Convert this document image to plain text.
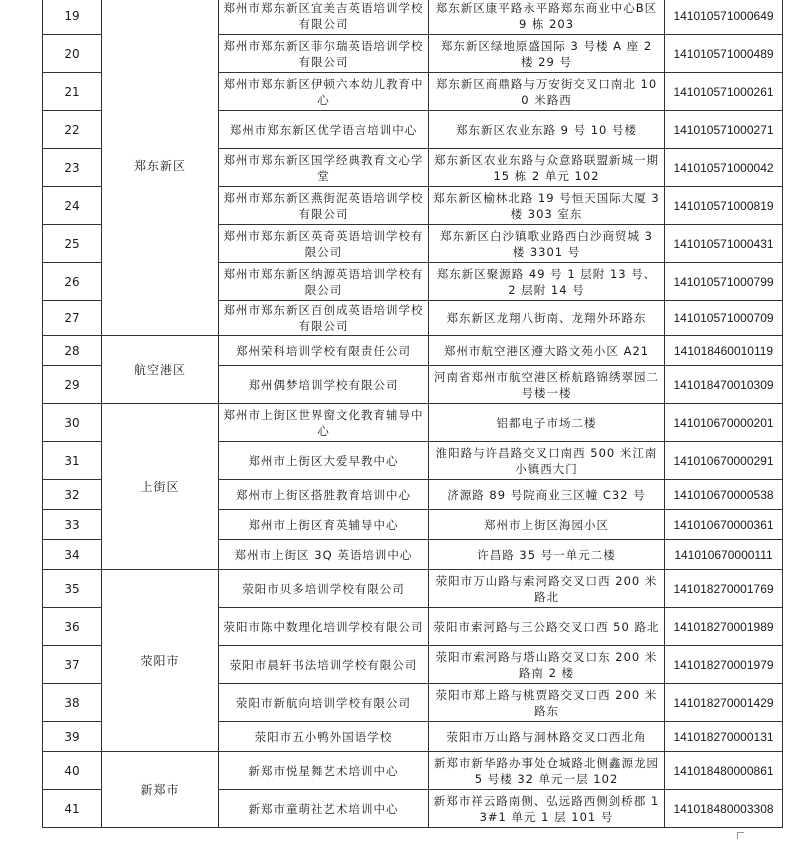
19	郑东新区	郑州市郑东新区宜美吉英语培训学校有限公司	郑东新区康平路永平路郑东商业中心B区 9 栋 203	141010571000649
20		郑州市郑东新区菲尔瑞英语培训学校有限公司	郑东新区绿地原盛国际 3 号楼 A 座 2 楼 29 号	141010571000489
21		郑州市郑东新区伊顿六本幼儿教育中心	郑东新区商鼎路与万安街交叉口南北 100 米路西	141010571000261
22		郑州市郑东新区优学语言培训中心	郑东新区农业东路 9 号 10 号楼	141010571000271
23		郑州市郑东新区国学经典教育文心学堂	郑东新区农业东路与众意路联盟新城一期 15 栋 2 单元 102	141010571000042
24		郑州市郑东新区燕街泥英语培训学校有限公司	郑东新区榆林北路 19 号恒天国际大厦 3 楼 303 室东	141010571000819
25		郑州市郑东新区英奇英语培训学校有限公司	郑东新区白沙镇歌业路西白沙商贸城 3 楼 3301 号	141010571000431
26		郑州市郑东新区纳源英语培训学校有限公司	郑东新区聚源路 49 号 1 层附 13 号、2 层附 14 号	141010571000799
27		郑州市郑东新区百创成英语培训学校有限公司	郑东新区龙翔八街南、龙翔外环路东	141010571000709
28	航空港区	郑州荣科培训学校有限责任公司	郑州市航空港区遵大路文苑小区 A21	141018460010119
29		郑州偶梦培训学校有限公司	河南省郑州市航空港区桥航路锦绣翠园二号楼一楼	141018470010309
30	上街区	郑州市上街区世界窗文化教育辅导中心	铝都电子市场二楼	141010670000201
31		郑州市上街区大爱早教中心	淮阳路与许昌路交叉口南西 500 米江南小镇西大门	141010670000291
32		郑州市上街区搭胜教育培训中心	济源路 89 号院商业三区幢 C32 号	141010670000538
33		郑州市上街区育英辅导中心	郑州市上街区海园小区	141010670000361
34		郑州市上街区 3Q 英语培训中心	许昌路 35 号一单元二楼	141010670000111
35	荥阳市	荥阳市贝多培训学校有限公司	荥阳市万山路与索河路交叉口西 200 米路北	141018270001769
36		荥阳市陈中数理化培训学校有限公司	荥阳市索河路与三公路交叉口西 50 路北	141018270001989
37		荥阳市晨轩书法培训学校有限公司	荥阳市索河路与塔山路交叉口东 200 米路南 2 楼	141018270001979
38		荥阳市新航向培训学校有限公司	荥阳市郑上路与桃贾路交叉口西 200 米路东	141018270001429
39		荥阳市五小鸭外国语学校	荥阳市万山路与洞林路交叉口西北角	141018270000131
40	新郑市	新郑市悦星舞艺术培训中心	新郑市新华路办事处仓城路北侧鑫源龙园 5 号楼 32 单元一层 102	141018480000861
41		新郑市童萌社艺术培训中心	新郑市祥云路南侧、弘远路西侧剑桥郡 13#1 单元 1 层 101 号	141018480003308
